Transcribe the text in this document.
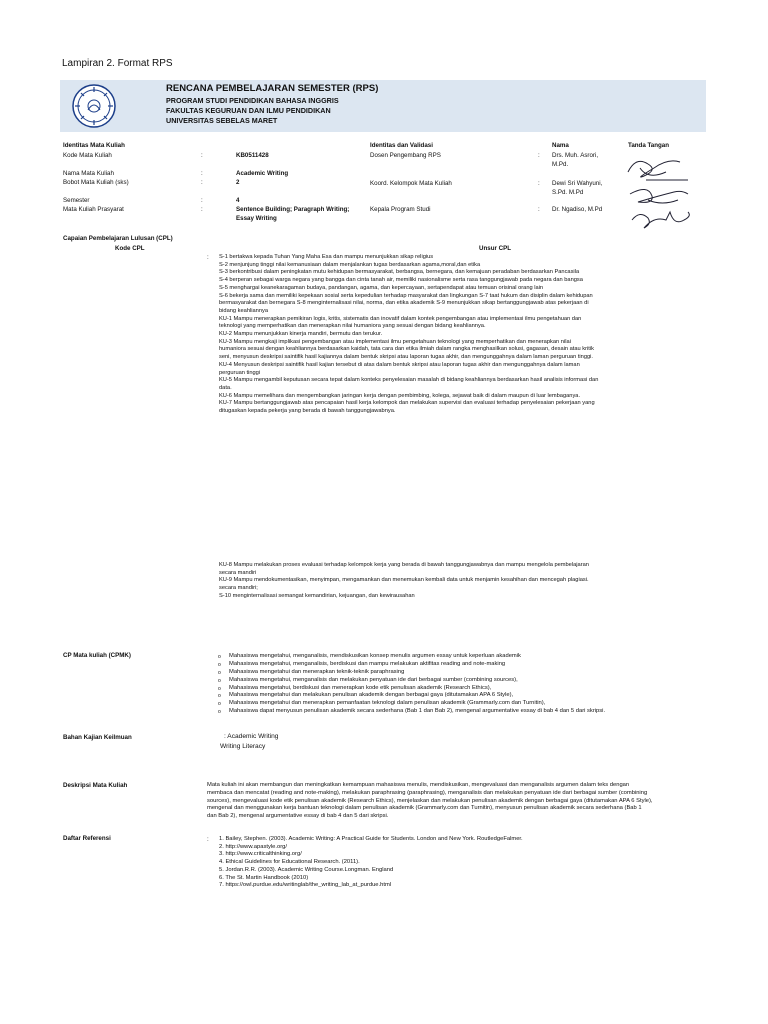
Lampiran 2. Format RPS
RENCANA PEMBELAJARAN SEMESTER (RPS)
PROGRAM STUDI PENDIDIKAN BAHASA INGGRIS
FAKULTAS KEGURUAN DAN ILMU PENDIDIKAN
UNIVERSITAS SEBELAS MARET
Identitas Mata Kuliah
Kode Mata Kuliah	:	KB0511428
Nama Mata Kuliah	:	Academic Writing
Bobot Mata Kuliah (sks)	:	2
Semester	:	4
Mata Kuliah Prasyarat	:	Sentence Building; Paragraph Writing;
Essay Writing
Identitas dan Validasi	Nama	Tanda Tangan
Dosen Pengembang RPS	: Drs. Muh. Asrori,
M.Pd.
Koord. Kelompok Mata Kuliah	: Dewi Sri Wahyuni,
S.Pd. M.Pd
Kepala Program Studi	: Dr. Ngadiso, M.Pd
Capaian Pembelajaran Lulusan (CPL)
Kode CPL	Unsur CPL
: S-1 bertakwa kepada Tuhan Yang Maha Esa dan mampu menunjukkan sikap religius
S-2 menjunjung tinggi nilai kemanusiaan dalam menjalankan tugas berdasarkan agama,moral,dan etika
S-3 berkontribusi dalam peningkatan mutu kehidupan bermasyarakat, berbangsa, bernegara, dan kemajuan peradaban berdasarkan Pancasila
S-4 berperan sebagai warga negara yang bangga dan cinta tanah air, memiliki nasionalisme serta rasa tanggungjawab pada negara dan bangsa
S-5 menghargai keanekaragaman budaya, pandangan, agama, dan kepercayaan, sertapendapat atau temuan orisinal orang lain
S-6 bekerja sama dan memiliki kepekaan sosial serta kepedulian terhadap masyarakat dan lingkungan S-7 taat hukum dan disiplin dalam kehidupan
bermasyarakat dan bernegara S-8 menginternalisasi nilai, norma, dan etika akademik S-9 menunjukkan sikap bertanggungjawab atas pekerjaan di
bidang keahliannya
KU-1 Mampu menerapkan pemikiran logis, kritis, sistematis dan inovatif dalam kontek pengembangan atau implementasi ilmu pengetahuan dan
teknologi yang memperhatikan dan menerapkan nilai humaniora yang sesuai dengan bidang keahliannya.
KU-2 Mampu menunjukkan kinerja mandiri, bermutu dan terukur.
KU-3 Mampu mengkaji implikasi pengembangan atau implementasi ilmu pengetahuan teknologi yang memperhatikan dan menerapkan nilai
humaniora sesuai dengan keahliannya berdasarkan kaidah, tata cara dan etika ilmiah dalam rangka menghasilkan solusi, gagasan, desain atau kritik
seni, menyusun deskripsi saintifik hasil kajiannya dalam bentuk skripsi atau laporan tugas akhir, dan mengunggahnya dalam laman perguruan tinggi.
KU-4 Menyusun deskripsi saintifik hasil kajian tersebut di atas dalam bentuk skripsi atau laporan tugas akhir dan mengunggahnya dalam laman
perguruan tinggi
KU-5 Mampu mengambil keputusan secara tepat dalam konteks penyelesaian masalah di bidang keahliannya berdasarkan hasil analisis informasi dan
data.
KU-6 Mampu memelihara dan mengembangkan jaringan kerja dengan pembimbing, kolega, sejawat baik di dalam maupun di luar lembaganya.
KU-7 Mampu bertanggungjawab atas pencapaian hasil kerja kelompok dan melakukan supervisi dan evaluasi terhadap penyelesaian pekerjaan yang
ditugaskan kepada pekerja yang berada di bawah tanggungjawabnya.
KU-8 Mampu melakukan proses evaluasi terhadap kelompok kerja yang berada di bawah tanggungjawabnya dan mampu mengelola pembelajaran
secara mandiri
KU-9 Mampu mendokumentasikan, menyimpan, mengamankan dan menemukan kembali data untuk menjamin kesahihan dan mencegah plagiasi.
secara mandiri;
S-10 menginternalisasi semangat kemandirian, kejuangan, dan kewirausahan
CP Mata kuliah (CPMK)	o	Mahasiswa mengetahui, menganalisis, mendiskusikan konsep menulis argumen essay untuk keperluan akademik
o	Mahasiswa mengetahui, menganalisis, berdiskusi dan mampu melakukan aktifitas reading and note-making
o	Mahasiswa mengetahui dan menerapkan teknik-teknik paraphrasing
o	Mahasiswa mengetahui, menganalisis dan melakukan penyatuan ide dari berbagai sumber (combining sources),
o	Mahasiswa mengetahui, berdiskusi dan menerapkan kode etik penulisan akademik (Research Ethics),
o	Mahasiswa mengetahui dan melakukan penulisan akademik dengan berbagai gaya (ditutamakan APA 6 Style),
o	Mahasiswa mengetahui dan menerapkan pemanfaatan teknologi dalam penulisan akademik (Grammarly.com dan Turnitin),
o	Mahasiswa dapat menyusun penulisan akademik secara sederhana (Bab 1 dan Bab 2), mengenal argumentative essay di bab 4 dan 5 dari skripsi.
Bahan Kajian Keilmuan	: Academic Writing
Writing Literacy
Deskripsi Mata Kuliah	Mata kuliah ini akan membangun dan meningkatkan kemampuan mahasiswa menulis, mendiskusikan, mengevaluasi dan menganalisis argumen dalam teks dengan
membaca dan mencatat (reading and note-making), melakukan paraphrasing (paraphrasing), menganalisis dan melakukan penyatuan ide dari berbagai sumber (combining
sources), mengevaluasi kode etik penulisan akademik (Research Ethics), menjelaskan dan melakukan penulisan akademik dengan berbagai gaya (ditutamakan APA 6 Style),
mengenal dan menggunakan kerja bantuan teknologi dalam penulisan akademik (Grammarly.com dan Turnitin), menyusun penulisan akademik secara sederhana (Bab 1
dan Bab 2), mengenal argumentative essay di bab 4 dan 5 dari skripsi.
Daftar Referensi	: 1. Bailey, Stephen. (2003). Academic Writing: A Practical Guide for Students. London and New York. RoutledgeFalmer.
2. http://www.apastyle.org/
3. http://www.criticalthinking.org/
4. Ethical Guidelines for Educational Research. (2011).
5. Jordan.R.R. (2003). Academic Writing Course.Longman. England
6. The St. Martin Handbook (2010)
7. https://owl.purdue.edu/writinglab/the_writing_lab_at_purdue.html
